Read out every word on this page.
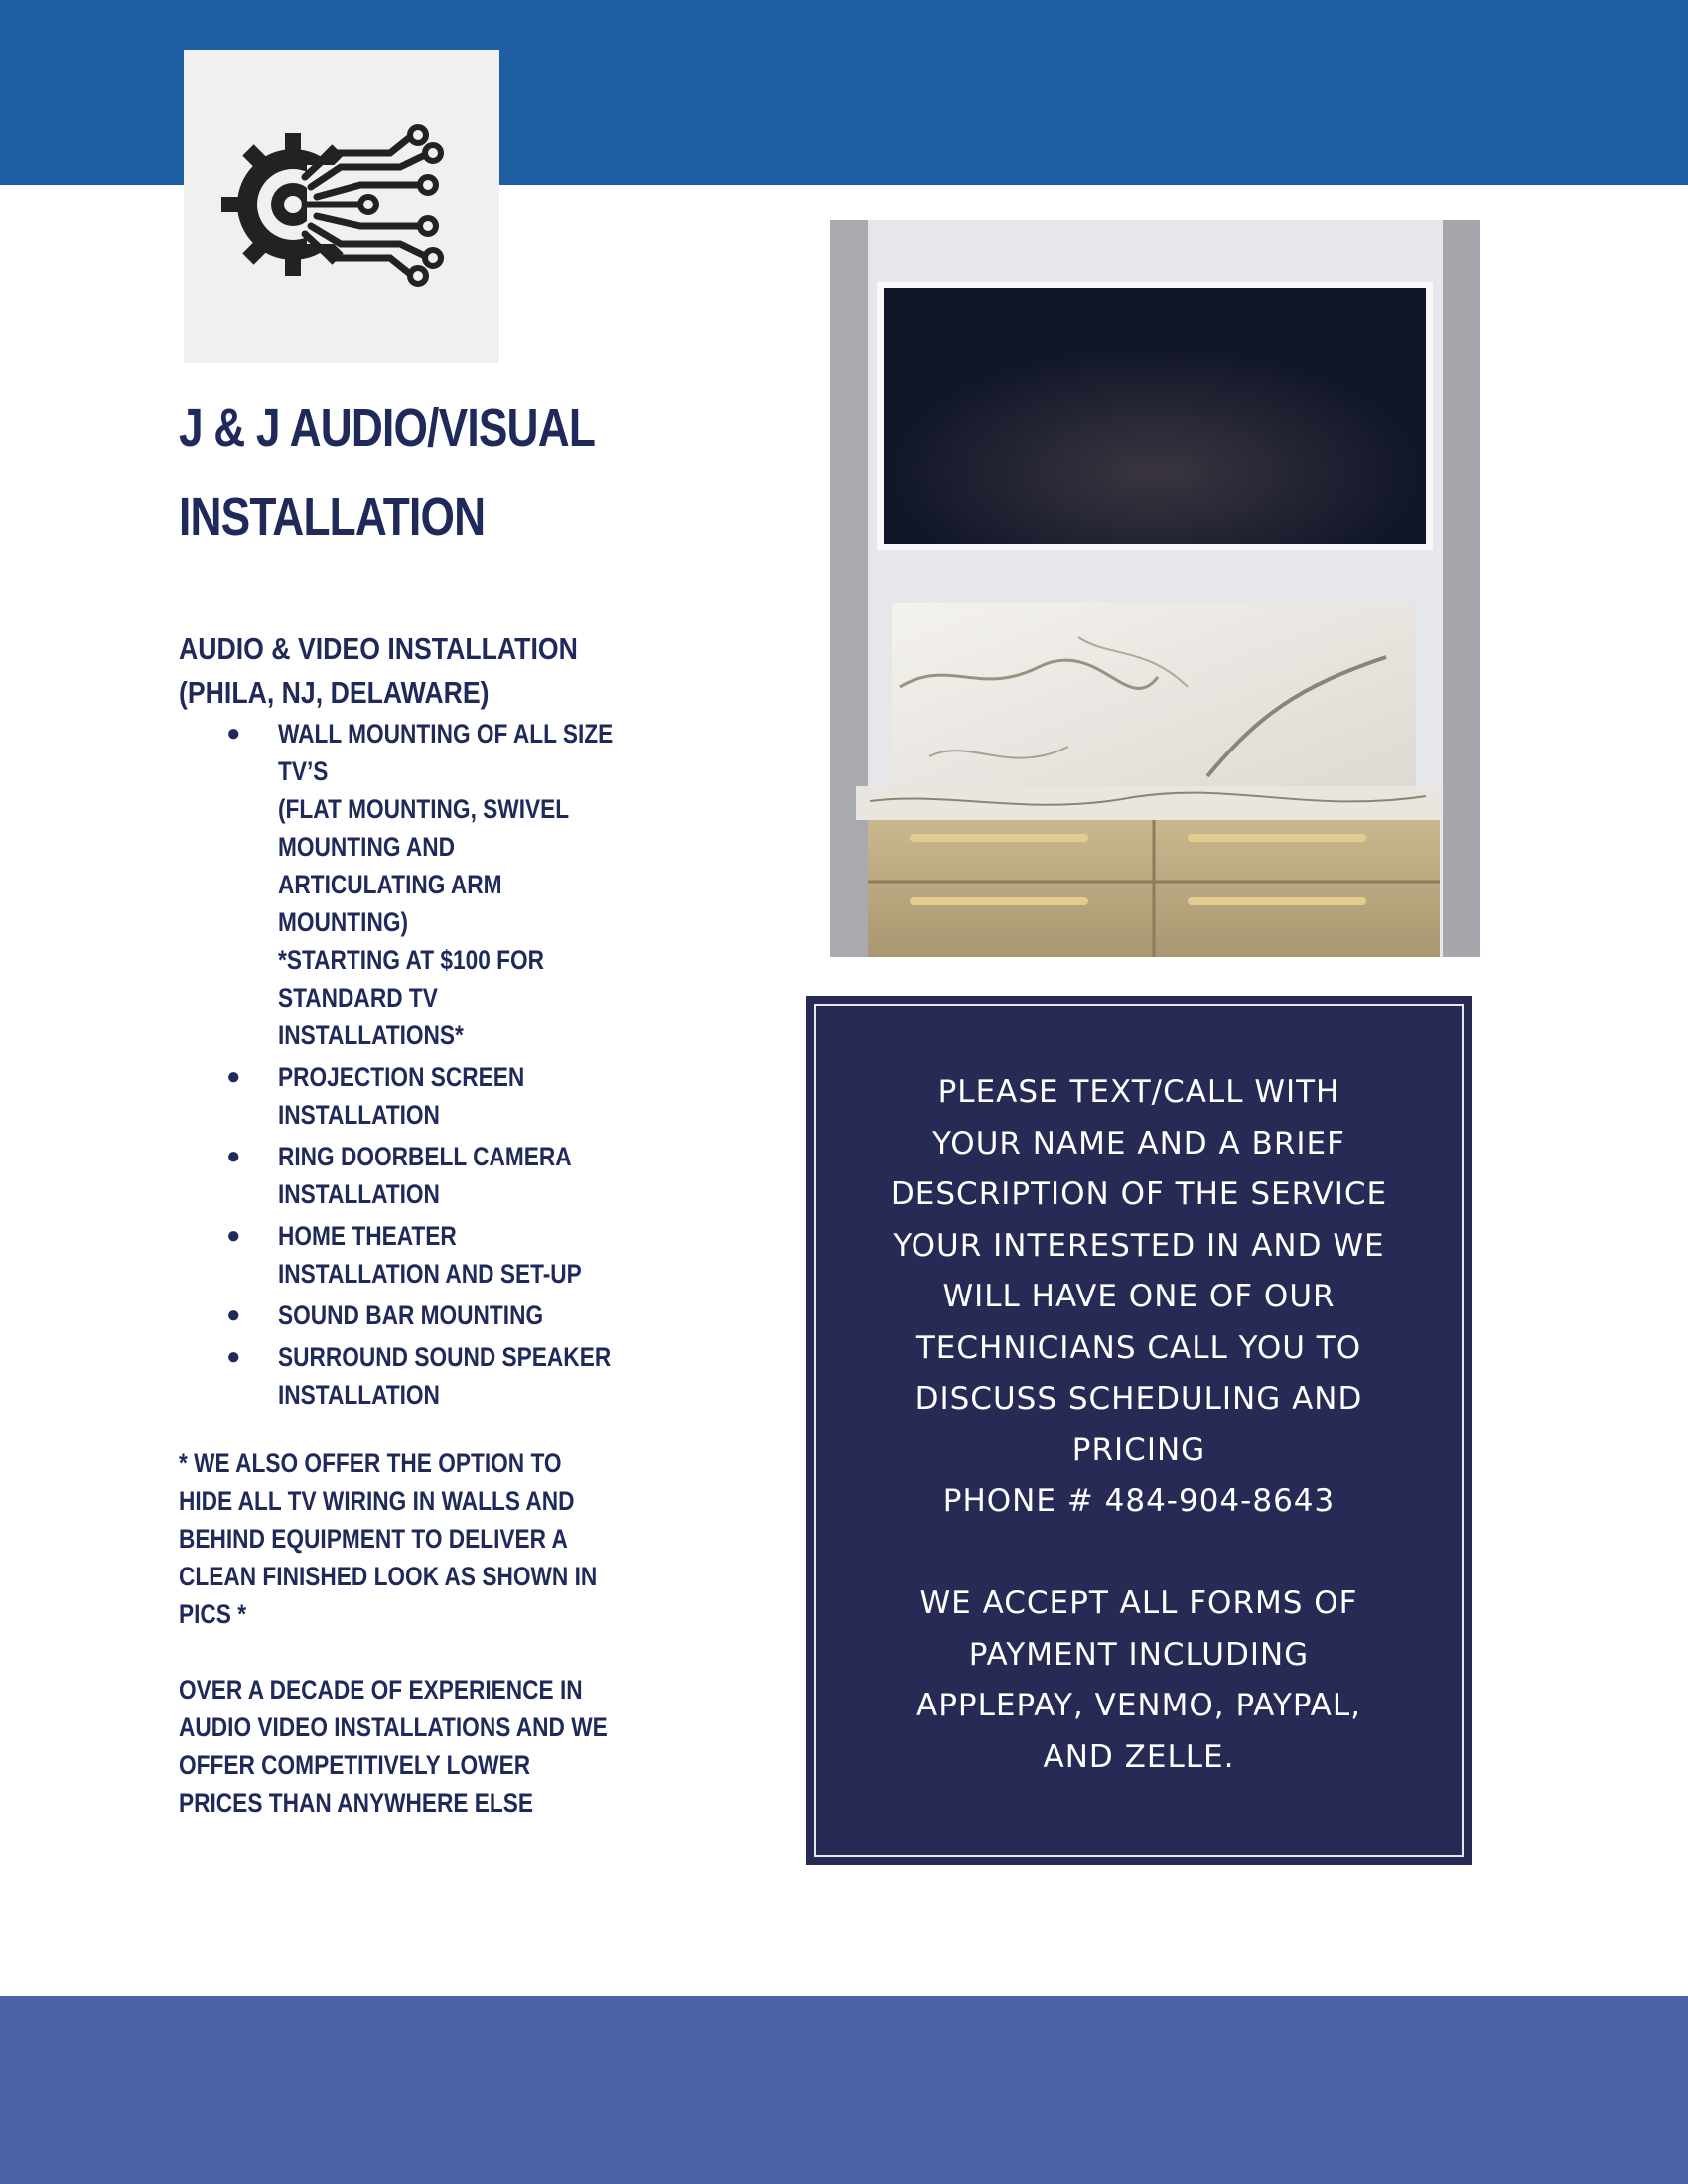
J & J AUDIO/VISUAL
INSTALLATION
AUDIO & VIDEO INSTALLATION
(PHILA, NJ, DELAWARE)
● WALL MOUNTING OF ALL SIZE
TV’S
(FLAT MOUNTING, SWIVEL
MOUNTING AND
ARTICULATING ARM
MOUNTING)
*STARTING AT $100 FOR
STANDARD TV
INSTALLATIONS*
● PROJECTION SCREEN
INSTALLATION
● RING DOORBELL CAMERA
INSTALLATION
● HOME THEATER
INSTALLATION AND SET-UP
● SOUND BAR MOUNTING
● SURROUND SOUND SPEAKER
INSTALLATION

* WE ALSO OFFER THE OPTION TO
HIDE ALL TV WIRING IN WALLS AND
BEHIND EQUIPMENT TO DELIVER A
CLEAN FINISHED LOOK AS SHOWN IN
PICS *

OVER A DECADE OF EXPERIENCE IN
AUDIO VIDEO INSTALLATIONS AND WE
OFFER COMPETITIVELY LOWER
PRICES THAN ANYWHERE ELSE

PLEASE TEXT/CALL WITH
YOUR NAME AND A BRIEF
DESCRIPTION OF THE SERVICE
YOUR INTERESTED IN AND WE
WILL HAVE ONE OF OUR
TECHNICIANS CALL YOU TO
DISCUSS SCHEDULING AND
PRICING
PHONE # 484-904-8643

WE ACCEPT ALL FORMS OF
PAYMENT INCLUDING
APPLEPAY, VENMO, PAYPAL,
AND ZELLE.
